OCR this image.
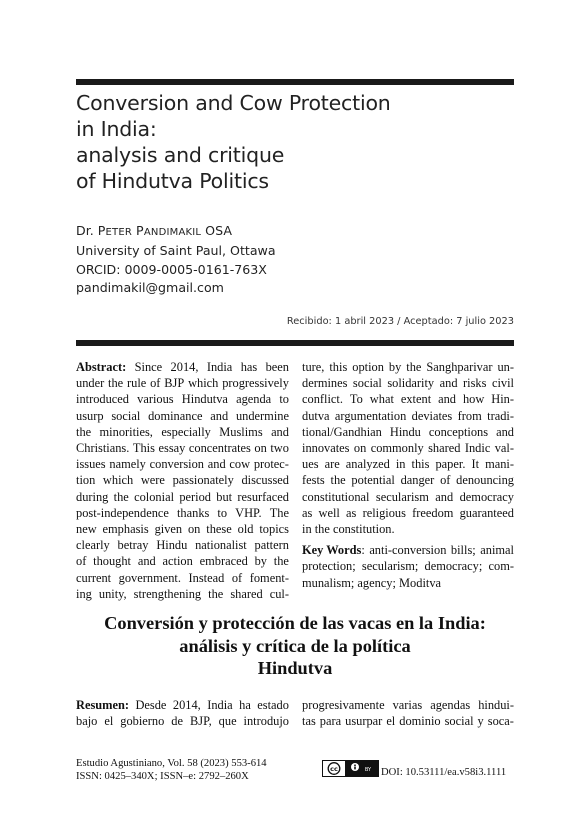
Conversion and Cow Protection
in India:
analysis and critique
of Hindutva Politics
Dr. PETER PANDIMAKIL OSA
University of Saint Paul, Ottawa
ORCID: 0009-0005-0161-763X
pandimakil@gmail.com
Recibido: 1 abril 2023 / Aceptado: 7 julio 2023
Abstract: Since 2014, India has been
under the rule of BJP which progressively
introduced various Hindutva agenda to
usurp social dominance and undermine
the minorities, especially Muslims and
Christians. This essay concentrates on two
issues namely conversion and cow protec-
tion which were passionately discussed
during the colonial period but resurfaced
post-independence thanks to VHP. The
new emphasis given on these old topics
clearly betray Hindu nationalist pattern
of thought and action embraced by the
current government. Instead of foment-
ing unity, strengthening the shared cul-
ture, this option by the Sanghparivar un-
dermines social solidarity and risks civil
conflict. To what extent and how Hin-
dutva argumentation deviates from tradi-
tional/Gandhian Hindu conceptions and
innovates on commonly shared Indic val-
ues are analyzed in this paper. It mani-
fests the potential danger of denouncing
constitutional secularism and democracy
as well as religious freedom guaranteed
in the constitution.
Key Words: anti-conversion bills; animal
protection; secularism; democracy; com-
munalism; agency; Moditva
Conversión y protección de las vacas en la India:
análisis y crítica de la política
Hindutva
Resumen: Desde 2014, India ha estado
bajo el gobierno de BJP, que introdujo
progresivamente varias agendas hindui-
tas para usurpar el dominio social y soca-
Estudio Agustiniano, Vol. 58 (2023) 553-614
ISSN: 0425–340X; ISSN–e: 2792–260X
cc	BY DOI: 10.53111/ea.v58i3.1111
